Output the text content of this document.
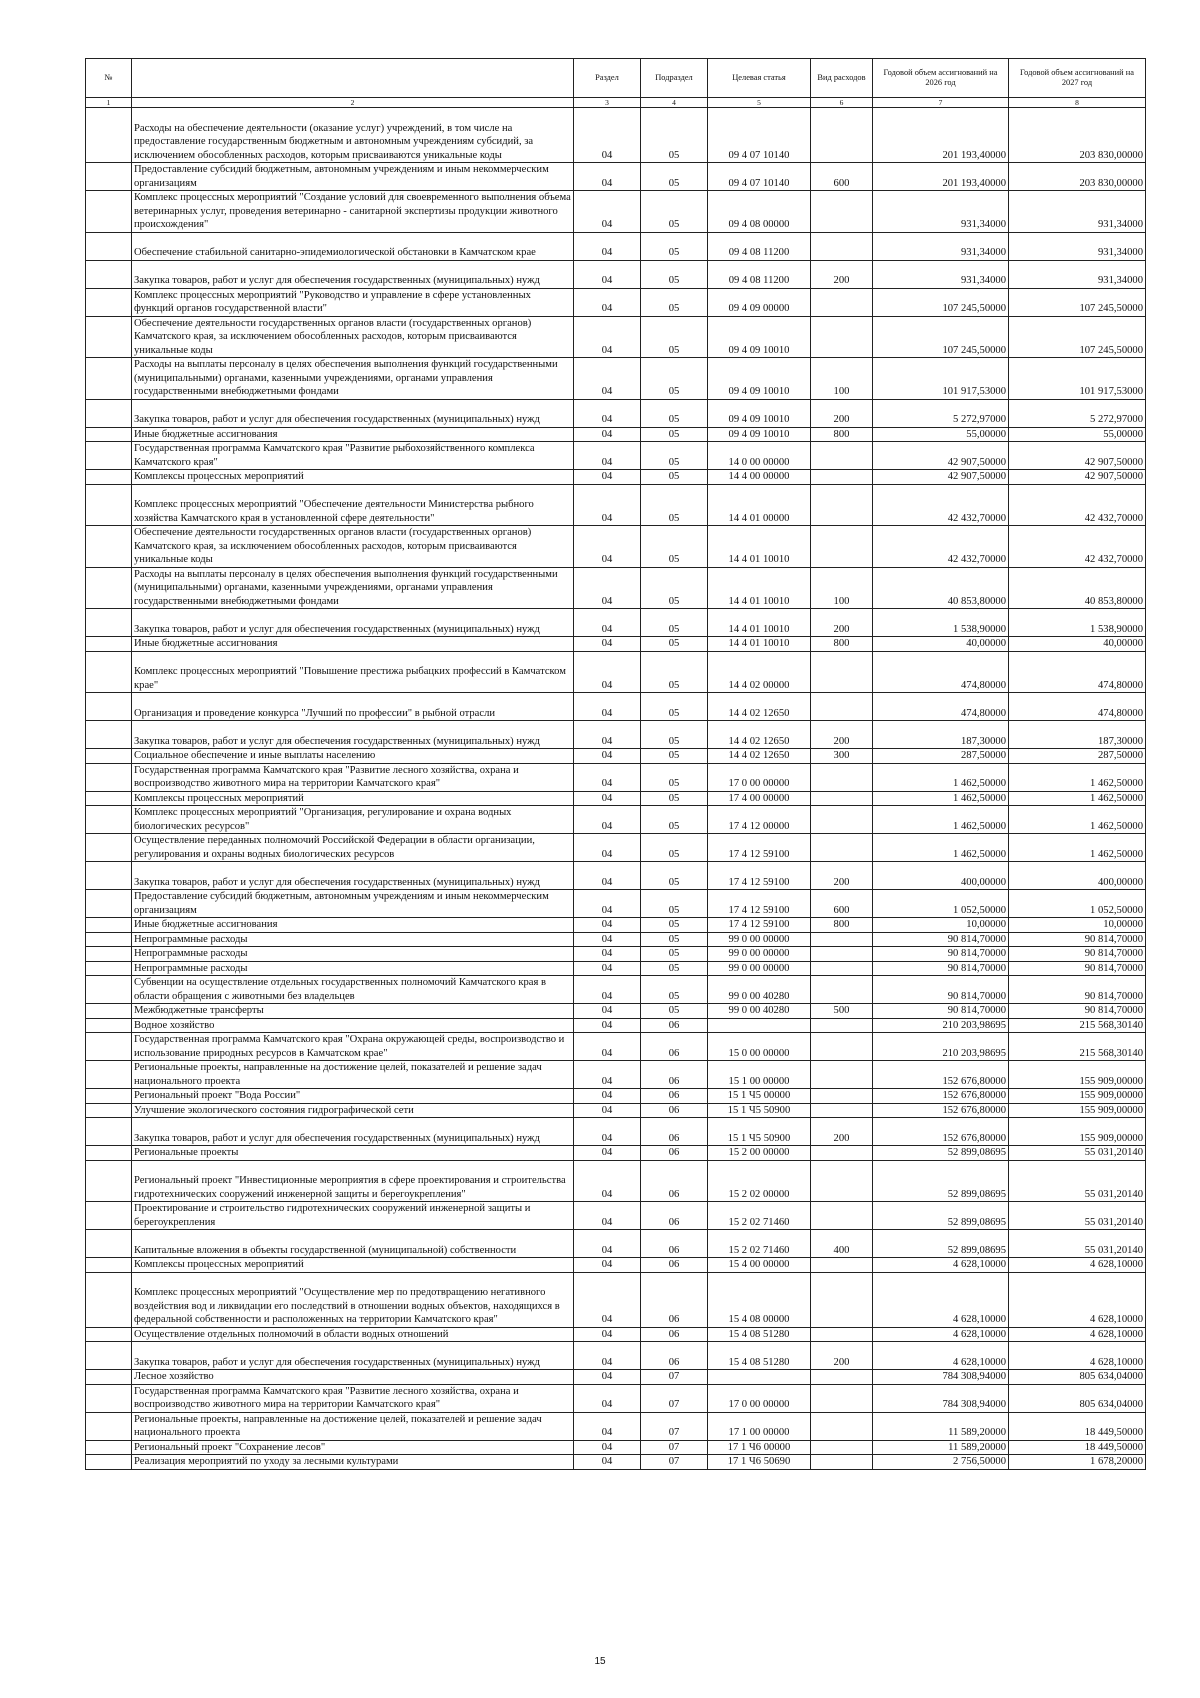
№		Раздел	Подраздел	Целевая статья	Вид расходов	Годовой объем ассигнований на 2026 год	Годовой объем ассигнований на 2027 год
1	2	3	4	5	6	7	8
	Расходы на обеспечение деятельности (оказание услуг) учреждений, в том числе на предоставление государственным бюджетным и автономным учреждениям субсидий, за исключением обособленных расходов, которым присваиваются уникальные коды	04	05	09 4 07 10140		201 193,40000	203 830,00000
	Предоставление субсидий бюджетным, автономным учреждениям и иным некоммерческим организациям	04	05	09 4 07 10140	600	201 193,40000	203 830,00000
	Комплекс процессных мероприятий "Создание условий для своевременного выполнения объема ветеринарных услуг, проведения ветеринарно - санитарной экспертизы продукции животного происхождения"	04	05	09 4 08 00000		931,34000	931,34000
	Обеспечение стабильной санитарно-эпидемиологической обстановки в Камчатском крае	04	05	09 4 08 11200		931,34000	931,34000
	Закупка товаров, работ и услуг для обеспечения государственных (муниципальных) нужд	04	05	09 4 08 11200	200	931,34000	931,34000
	Комплекс процессных мероприятий "Руководство и управление в сфере установленных функций органов государственной власти"	04	05	09 4 09 00000		107 245,50000	107 245,50000
	Обеспечение деятельности государственных органов власти (государственных органов) Камчатского края, за исключением обособленных расходов, которым присваиваются уникальные коды	04	05	09 4 09 10010		107 245,50000	107 245,50000
	Расходы на выплаты персоналу в целях обеспечения выполнения функций государственными (муниципальными) органами, казенными учреждениями, органами управления государственными внебюджетными фондами	04	05	09 4 09 10010	100	101 917,53000	101 917,53000
	Закупка товаров, работ и услуг для обеспечения государственных (муниципальных) нужд	04	05	09 4 09 10010	200	5 272,97000	5 272,97000
	Иные бюджетные ассигнования	04	05	09 4 09 10010	800	55,00000	55,00000
	Государственная программа Камчатского края "Развитие рыбохозяйственного комплекса Камчатского края"	04	05	14 0 00 00000		42 907,50000	42 907,50000
	Комплексы процессных мероприятий	04	05	14 4 00 00000		42 907,50000	42 907,50000
	Комплекс процессных мероприятий "Обеспечение деятельности Министерства рыбного хозяйства Камчатского края в установленной сфере деятельности"	04	05	14 4 01 00000		42 432,70000	42 432,70000
	Обеспечение деятельности государственных органов власти (государственных органов) Камчатского края, за исключением обособленных расходов, которым присваиваются уникальные коды	04	05	14 4 01 10010		42 432,70000	42 432,70000
	Расходы на выплаты персоналу в целях обеспечения выполнения функций государственными (муниципальными) органами, казенными учреждениями, органами управления государственными внебюджетными фондами	04	05	14 4 01 10010	100	40 853,80000	40 853,80000
	Закупка товаров, работ и услуг для обеспечения государственных (муниципальных) нужд	04	05	14 4 01 10010	200	1 538,90000	1 538,90000
	Иные бюджетные ассигнования	04	05	14 4 01 10010	800	40,00000	40,00000
	Комплекс процессных мероприятий "Повышение престижа рыбацких профессий в Камчатском крае"	04	05	14 4 02 00000		474,80000	474,80000
	Организация и проведение конкурса "Лучший по профессии" в рыбной отрасли	04	05	14 4 02 12650		474,80000	474,80000
	Закупка товаров, работ и услуг для обеспечения государственных (муниципальных) нужд	04	05	14 4 02 12650	200	187,30000	187,30000
	Социальное обеспечение и иные выплаты населению	04	05	14 4 02 12650	300	287,50000	287,50000
	Государственная программа Камчатского края "Развитие лесного хозяйства, охрана и воспроизводство животного мира на территории Камчатского края"	04	05	17 0 00 00000		1 462,50000	1 462,50000
	Комплексы процессных мероприятий	04	05	17 4 00 00000		1 462,50000	1 462,50000
	Комплекс процессных мероприятий "Организация, регулирование и охрана водных биологических ресурсов"	04	05	17 4 12 00000		1 462,50000	1 462,50000
	Осуществление переданных полномочий Российской Федерации в области организации, регулирования и охраны водных биологических ресурсов	04	05	17 4 12 59100		1 462,50000	1 462,50000
	Закупка товаров, работ и услуг для обеспечения государственных (муниципальных) нужд	04	05	17 4 12 59100	200	400,00000	400,00000
	Предоставление субсидий бюджетным, автономным учреждениям и иным некоммерческим организациям	04	05	17 4 12 59100	600	1 052,50000	1 052,50000
	Иные бюджетные ассигнования	04	05	17 4 12 59100	800	10,00000	10,00000
	Непрограммные расходы	04	05	99 0 00 00000		90 814,70000	90 814,70000
	Непрограммные расходы	04	05	99 0 00 00000		90 814,70000	90 814,70000
	Непрограммные расходы	04	05	99 0 00 00000		90 814,70000	90 814,70000
	Субвенции на осуществление отдельных государственных полномочий Камчатского края в области обращения с животными без владельцев	04	05	99 0 00 40280		90 814,70000	90 814,70000
	Межбюджетные трансферты	04	05	99 0 00 40280	500	90 814,70000	90 814,70000
	Водное хозяйство	04	06			210 203,98695	215 568,30140
	Государственная программа Камчатского края "Охрана окружающей среды, воспроизводство и использование природных ресурсов в Камчатском крае"	04	06	15 0 00 00000		210 203,98695	215 568,30140
	Региональные проекты, направленные на достижение целей, показателей и решение задач национального проекта	04	06	15 1 00 00000		152 676,80000	155 909,00000
	Региональный проект "Вода России"	04	06	15 1 Ч5 00000		152 676,80000	155 909,00000
	Улучшение экологического состояния гидрографической сети	04	06	15 1 Ч5 50900		152 676,80000	155 909,00000
	Закупка товаров, работ и услуг для обеспечения государственных (муниципальных) нужд	04	06	15 1 Ч5 50900	200	152 676,80000	155 909,00000
	Региональные проекты	04	06	15 2 00 00000		52 899,08695	55 031,20140
	Региональный проект "Инвестиционные мероприятия в сфере проектирования и строительства гидротехнических сооружений инженерной защиты и берегоукрепления"	04	06	15 2 02 00000		52 899,08695	55 031,20140
	Проектирование и строительство гидротехнических сооружений инженерной защиты и берегоукрепления	04	06	15 2 02 71460		52 899,08695	55 031,20140
	Капитальные вложения в объекты государственной (муниципальной) собственности	04	06	15 2 02 71460	400	52 899,08695	55 031,20140
	Комплексы процессных мероприятий	04	06	15 4 00 00000		4 628,10000	4 628,10000
	Комплекс процессных мероприятий "Осуществление мер по предотвращению негативного воздействия вод и ликвидации его последствий в отношении водных объектов, находящихся в федеральной собственности и расположенных на территории Камчатского края"	04	06	15 4 08 00000		4 628,10000	4 628,10000
	Осуществление отдельных полномочий в области водных отношений	04	06	15 4 08 51280		4 628,10000	4 628,10000
	Закупка товаров, работ и услуг для обеспечения государственных (муниципальных) нужд	04	06	15 4 08 51280	200	4 628,10000	4 628,10000
	Лесное хозяйство	04	07			784 308,94000	805 634,04000
	Государственная программа Камчатского края "Развитие лесного хозяйства, охрана и воспроизводство животного мира на территории Камчатского края"	04	07	17 0 00 00000		784 308,94000	805 634,04000
	Региональные проекты, направленные на достижение целей, показателей и решение задач национального проекта	04	07	17 1 00 00000		11 589,20000	18 449,50000
	Региональный проект "Сохранение лесов"	04	07	17 1 Ч6 00000		11 589,20000	18 449,50000
	Реализация мероприятий по уходу за лесными культурами	04	07	17 1 Ч6 50690		2 756,50000	1 678,20000
15
